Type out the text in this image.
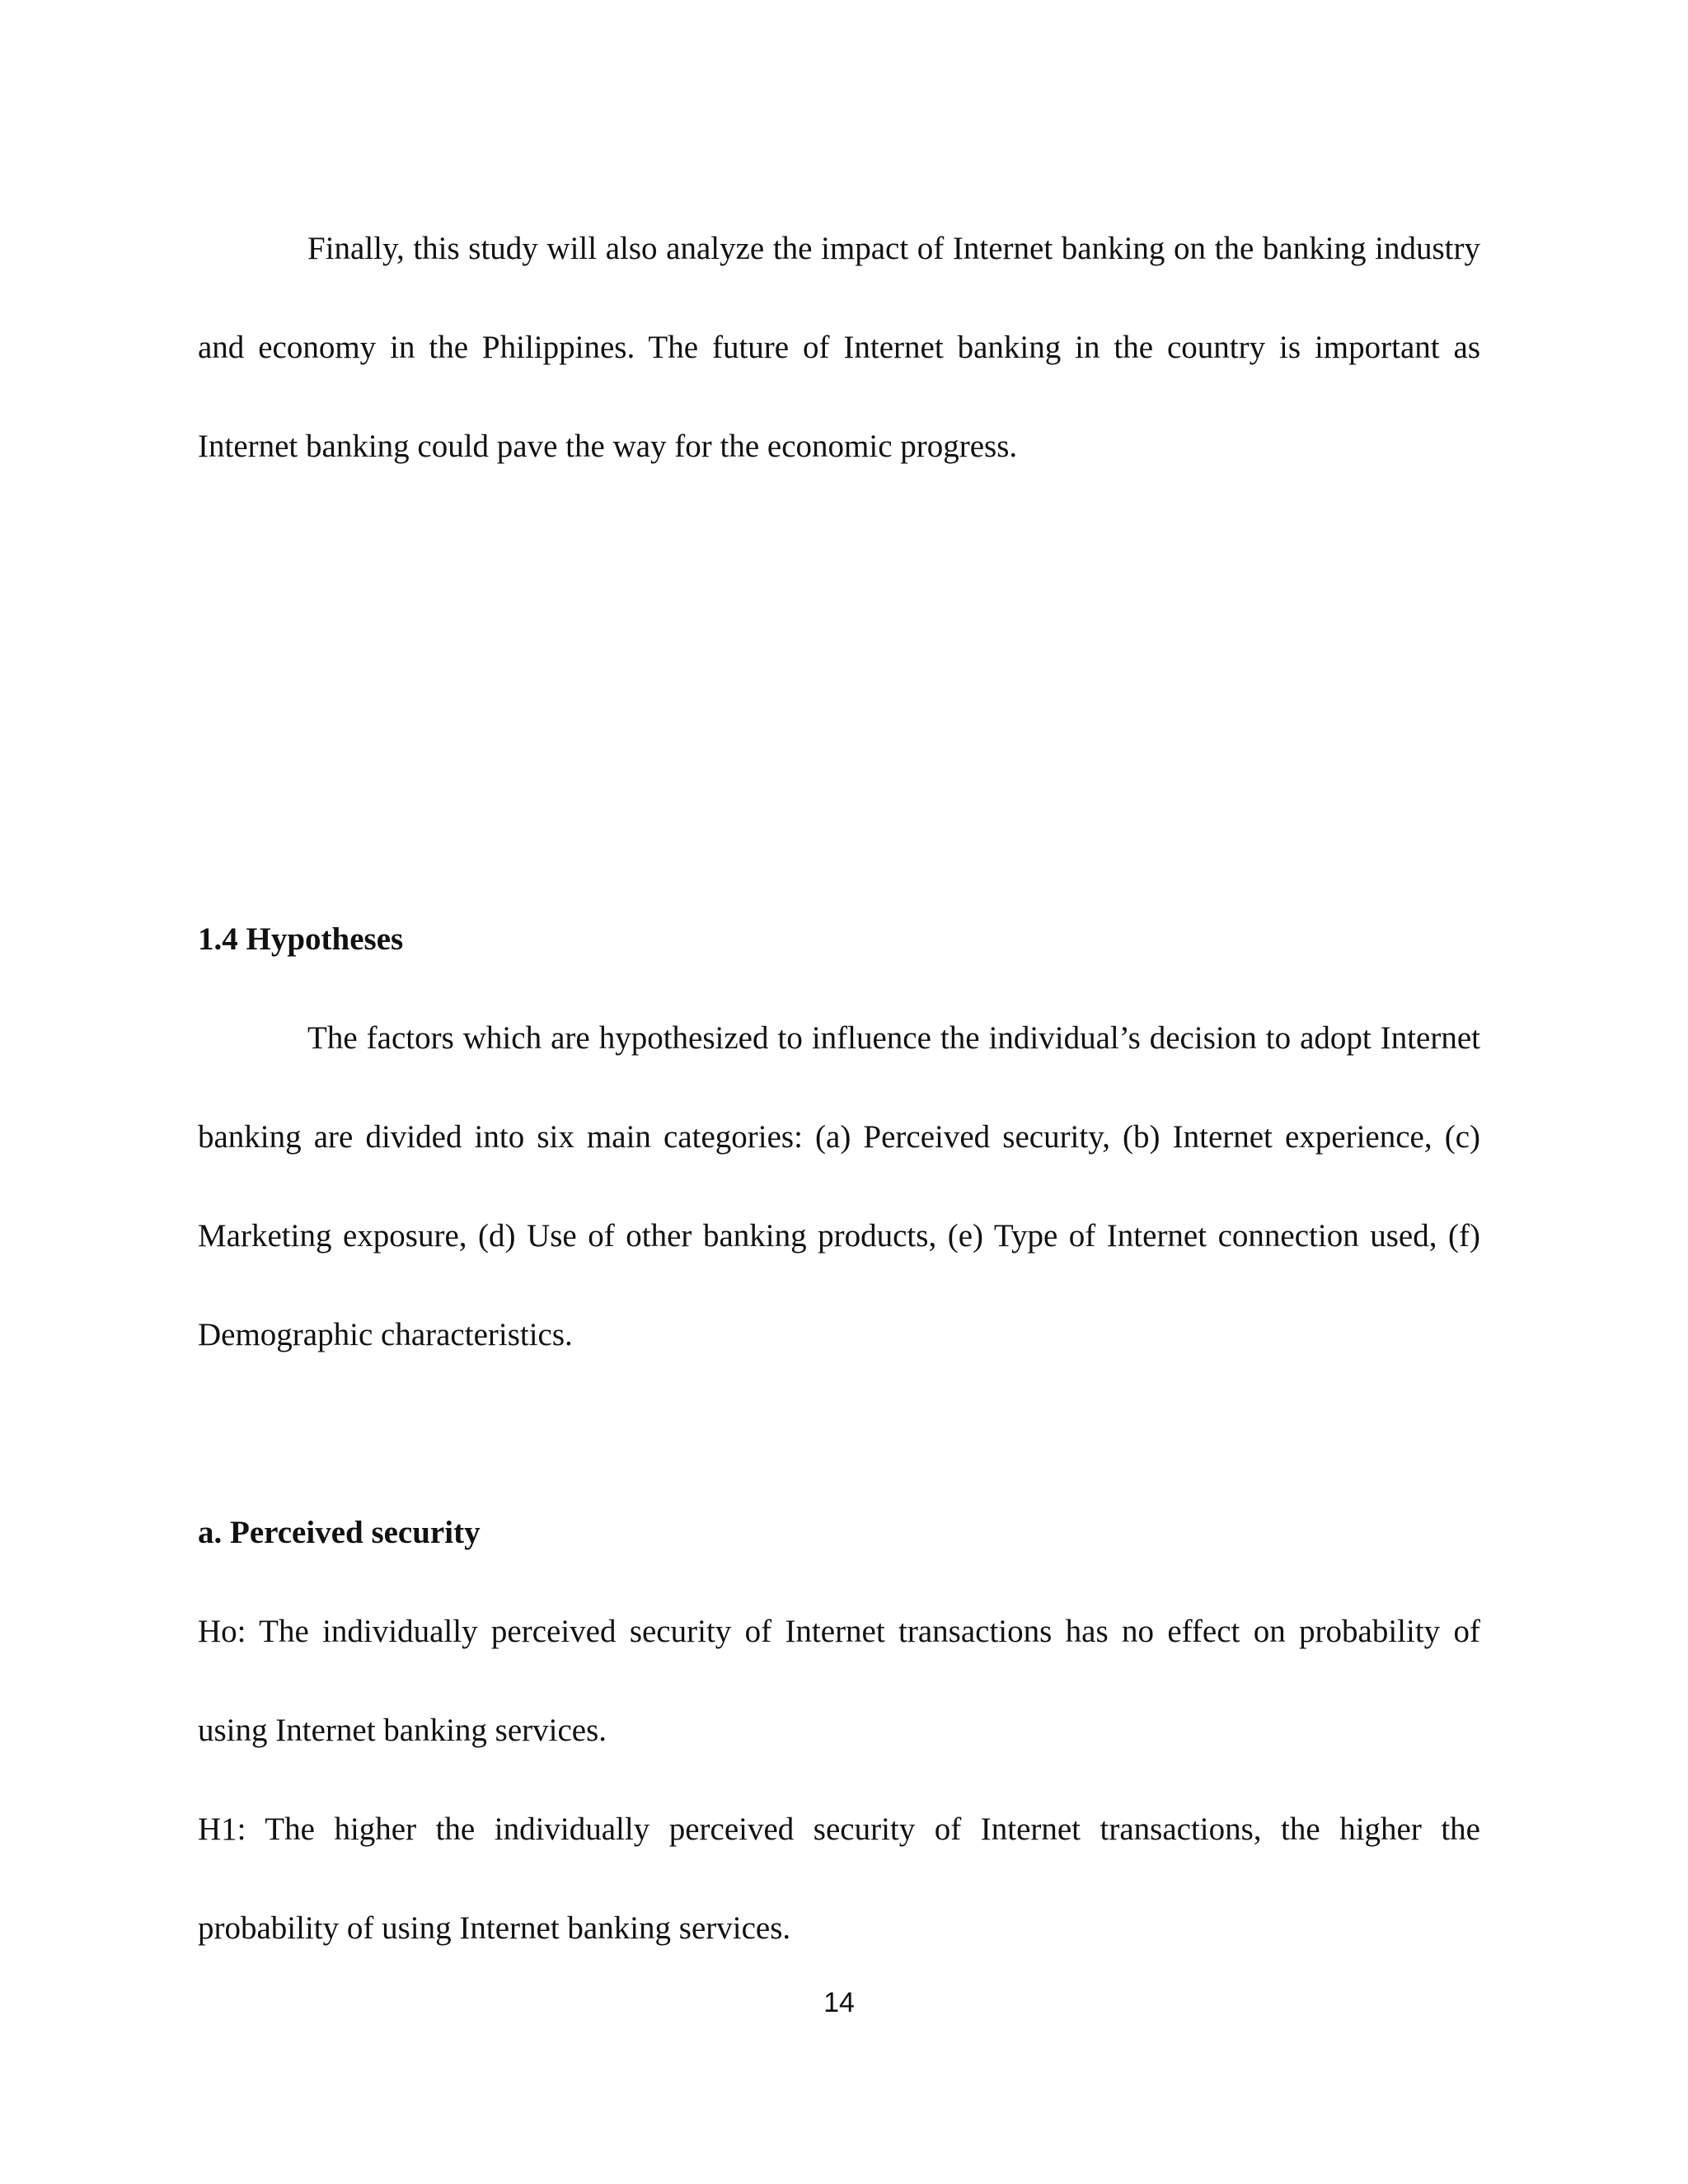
Finally, this study will also analyze the impact of Internet banking on the banking industry and economy in the Philippines. The future of Internet banking in the country is important as Internet banking could pave the way for the economic progress.

1.4 Hypotheses

The factors which are hypothesized to influence the individual’s decision to adopt Internet banking are divided into six main categories: (a) Perceived security, (b) Internet experience, (c) Marketing exposure, (d) Use of other banking products, (e) Type of Internet connection used, (f) Demographic characteristics.

a. Perceived security

Ho: The individually perceived security of Internet transactions has no effect on probability of using Internet banking services.

H1: The higher the individually perceived security of Internet transactions, the higher the probability of using Internet banking services.

14
